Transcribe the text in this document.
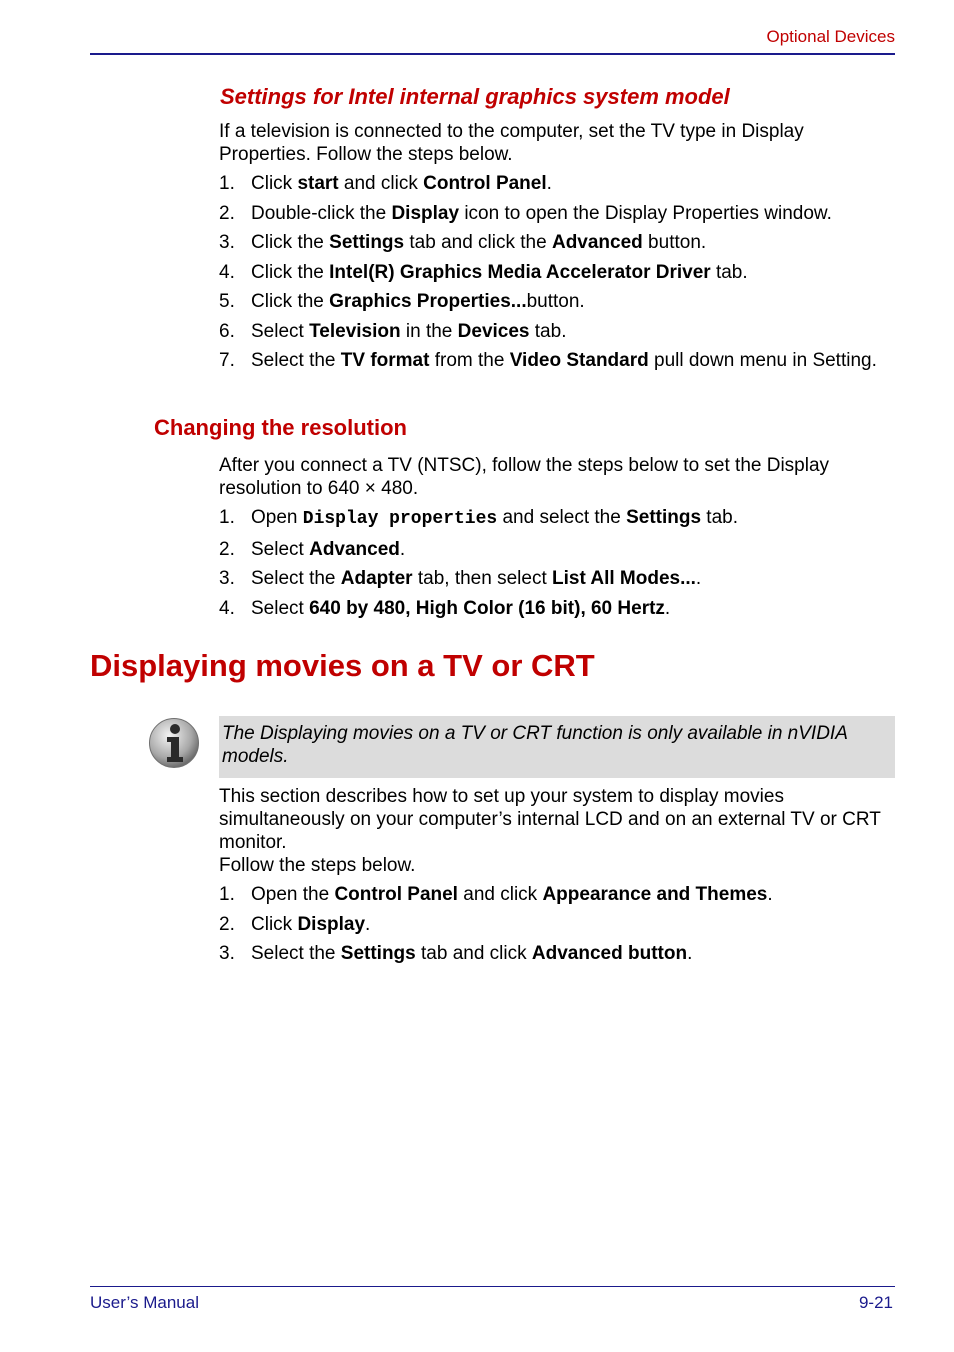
Optional Devices
Settings for Intel internal graphics system model

If a television is connected to the computer, set the TV type in Display Properties. Follow the steps below.

1. Click start and click Control Panel.
2. Double-click the Display icon to open the Display Properties window.
3. Click the Settings tab and click the Advanced button.
4. Click the Intel(R) Graphics Media Accelerator Driver tab.
5. Click the Graphics Properties...button.
6. Select Television in the Devices tab.
7. Select the TV format from the Video Standard pull down menu in Setting.
Changing the resolution

After you connect a TV (NTSC), follow the steps below to set the Display resolution to 640 × 480.

1. Open Display properties and select the Settings tab.
2. Select Advanced.
3. Select the Adapter tab, then select List All Modes....
4. Select 640 by 480, High Color (16 bit), 60 Hertz.
Displaying movies on a TV or CRT

The Displaying movies on a TV or CRT function is only available in nVIDIA models.

This section describes how to set up your system to display movies simultaneously on your computer’s internal LCD and on an external TV or CRT monitor.

Follow the steps below.

1. Open the Control Panel and click Appearance and Themes.
2. Click Display.
3. Select the Settings tab and click Advanced button.
User’s Manual	9-21
